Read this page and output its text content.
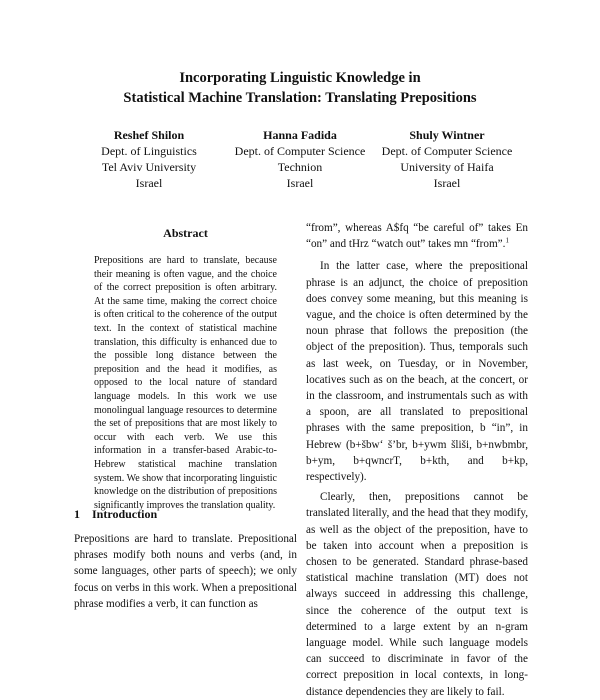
Incorporating Linguistic Knowledge in
Statistical Machine Translation: Translating Prepositions
Reshef Shilon
Dept. of Linguistics
Tel Aviv University
Israel
Hanna Fadida
Dept. of Computer Science
Technion
Israel
Shuly Wintner
Dept. of Computer Science
University of Haifa
Israel
Abstract
Prepositions are hard to translate, because their meaning is often vague, and the choice of the correct preposition is often arbitrary. At the same time, making the correct choice is often critical to the coherence of the output text. In the context of statistical machine translation, this difficulty is enhanced due to the possible long distance between the preposition and the head it modifies, as opposed to the local nature of standard language models. In this work we use monolingual language resources to determine the set of prepositions that are most likely to occur with each verb. We use this information in a transfer-based Arabic-to-Hebrew statistical machine translation system. We show that incorporating linguistic knowledge on the distribution of prepositions significantly improves the translation quality.
1 Introduction
Prepositions are hard to translate. Prepositional phrases modify both nouns and verbs (and, in some languages, other parts of speech); we only focus on verbs in this work. When a prepositional phrase modifies a verb, it can function as

“from”, whereas A$fq “be careful of” takes En “on” and tHrz “watch out” takes mn “from”.$^1$

In the latter case, where the prepositional phrase is an adjunct, the choice of preposition does convey some meaning, but this meaning is vague, and the choice is often determined by the noun phrase that follows the preposition (the object of the preposition). Thus, temporals such as last week, on Tuesday, or in November, locatives such as on the beach, at the concert, or in the classroom, and instrumentals such as with a spoon, are all translated to prepositional phrases with the same preposition, b “in”, in Hebrew (b+šbw‘ š’br, b+ywm šliši, b+nwbmbr, b+ym, b+qwncrT, b+kth, and b+kp, respectively).

Clearly, then, prepositions cannot be translated literally, and the head that they modify, as well as the object of the preposition, have to be taken into account when a preposition is chosen to be generated. Standard phrase-based statistical machine translation (MT) does not always succeed in addressing this challenge, since the coherence of the output text is determined to a large extent by an n-gram language model. While such language models can succeed to discriminate in favor of the correct preposition in local contexts, in long-distance dependencies they are likely to fail.
